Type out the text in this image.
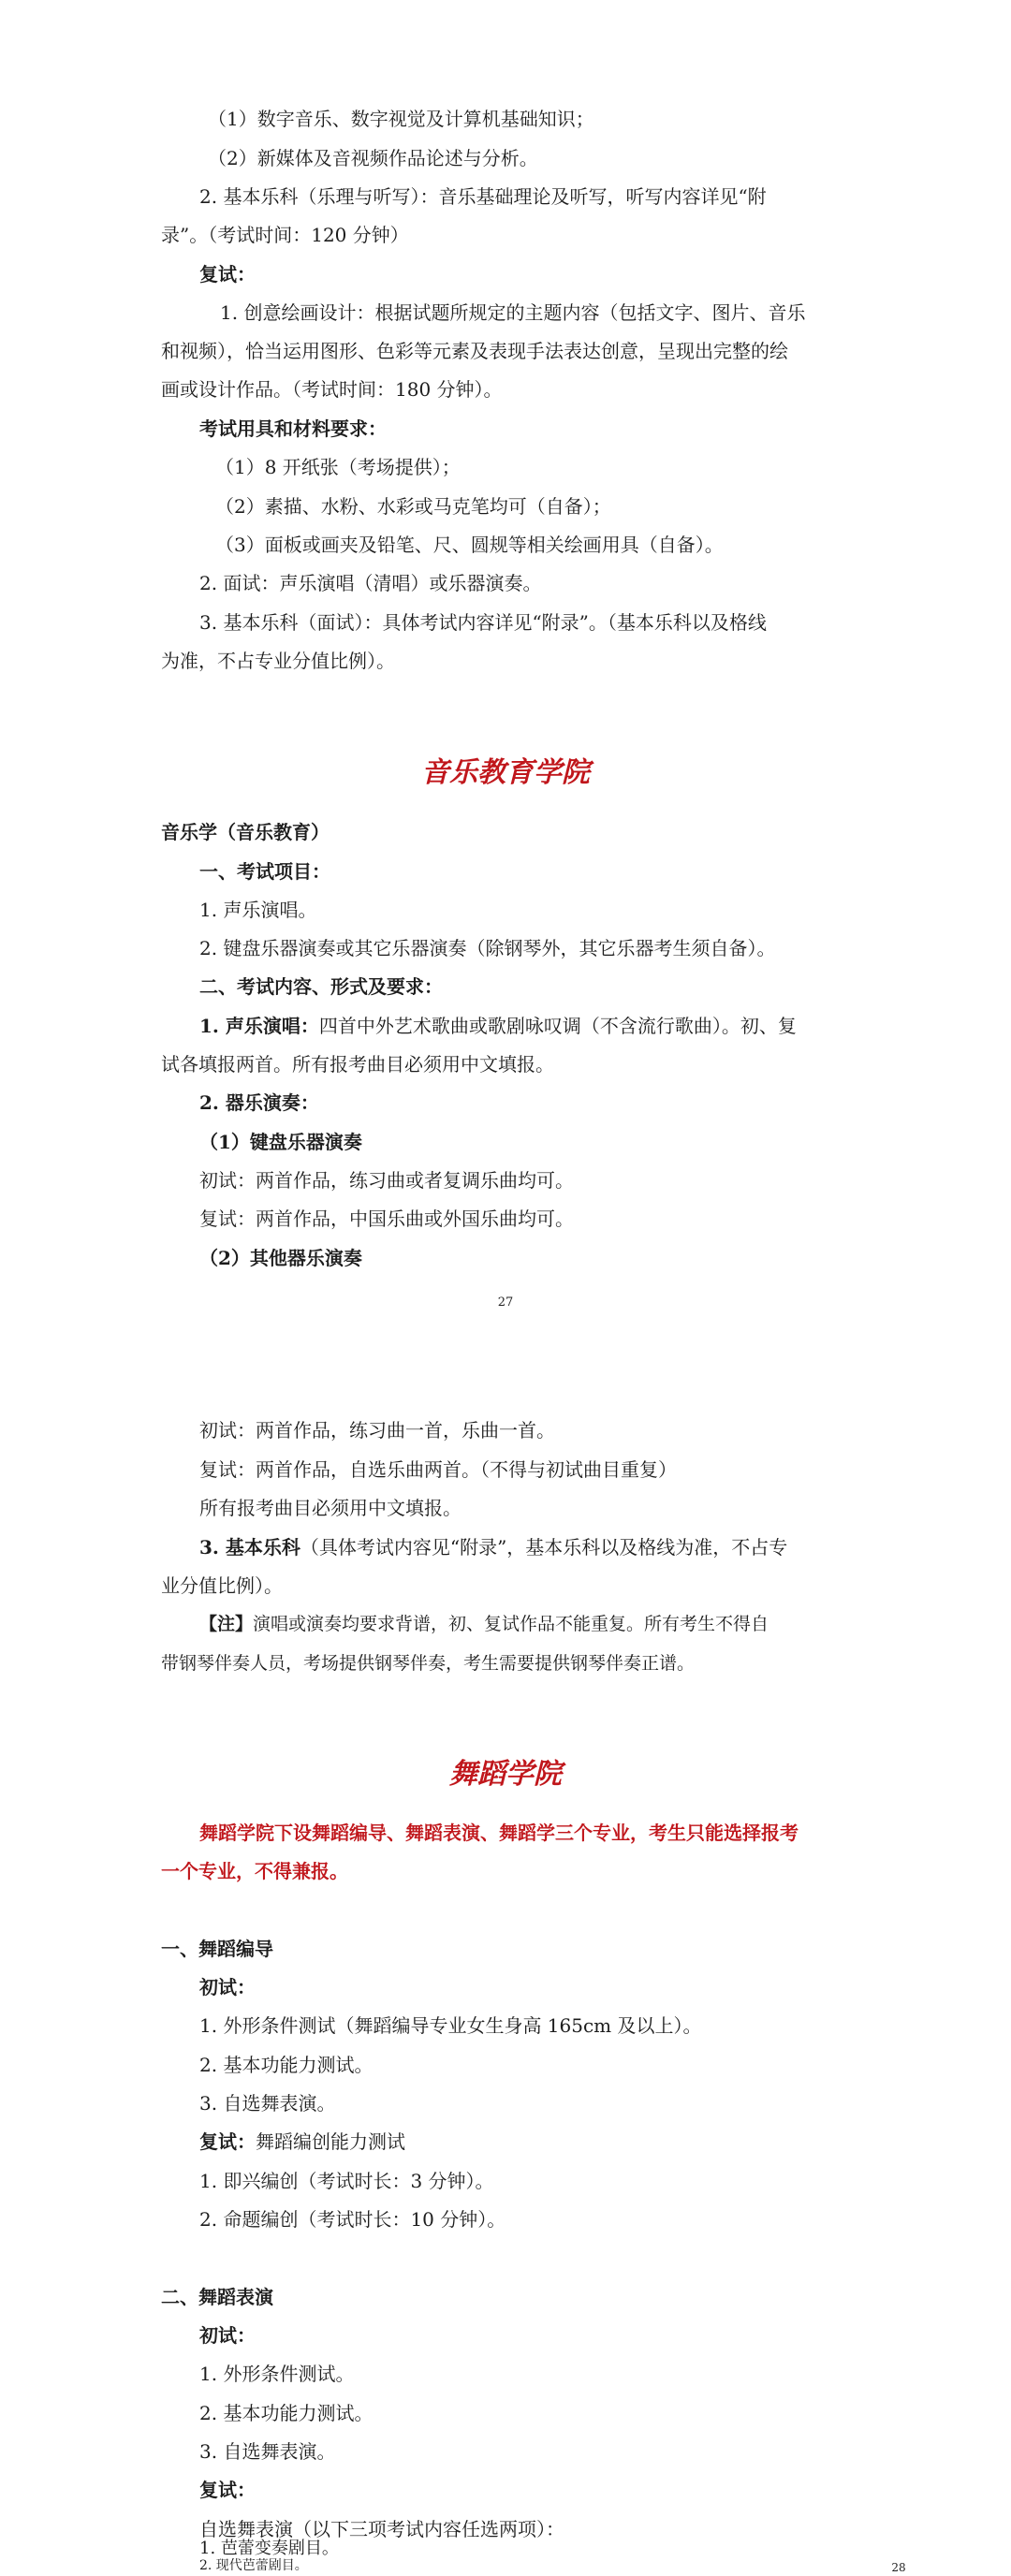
（1）数字音乐、数字视觉及计算机基础知识；
（2）新媒体及音视频作品论述与分析。
2. 基本乐科（乐理与听写）：音乐基础理论及听写，听写内容详见“附
录”。（考试时间：120 分钟）
复试：
1. 创意绘画设计：根据试题所规定的主题内容（包括文字、图片、音乐
和视频），恰当运用图形、色彩等元素及表现手法表达创意，呈现出完整的绘
画或设计作品。（考试时间：180 分钟）。
考试用具和材料要求：
（1）8 开纸张（考场提供）；
（2）素描、水粉、水彩或马克笔均可（自备）；
（3）面板或画夹及铅笔、尺、圆规等相关绘画用具（自备）。
2. 面试：声乐演唱（清唱）或乐器演奏。
3. 基本乐科（面试）：具体考试内容详见“附录”。（基本乐科以及格线
为准，不占专业分值比例）。
音乐教育学院
音乐学（音乐教育）
一、考试项目：
1. 声乐演唱。
2. 键盘乐器演奏或其它乐器演奏（除钢琴外，其它乐器考生须自备）。
二、考试内容、形式及要求：
1. 声乐演唱：四首中外艺术歌曲或歌剧咏叹调（不含流行歌曲）。初、复
试各填报两首。所有报考曲目必须用中文填报。
2. 器乐演奏：
（1）键盘乐器演奏
初试：两首作品，练习曲或者复调乐曲均可。
复试：两首作品，中国乐曲或外国乐曲均可。
（2）其他器乐演奏
27
初试：两首作品，练习曲一首，乐曲一首。
复试：两首作品，自选乐曲两首。（不得与初试曲目重复）
所有报考曲目必须用中文填报。
3. 基本乐科（具体考试内容见“附录”，基本乐科以及格线为准，不占专
业分值比例）。
【注】演唱或演奏均要求背谱，初、复试作品不能重复。所有考生不得自
带钢琴伴奏人员，考场提供钢琴伴奏，考生需要提供钢琴伴奏正谱。
舞蹈学院
舞蹈学院下设舞蹈编导、舞蹈表演、舞蹈学三个专业，考生只能选择报考
一个专业，不得兼报。
一、舞蹈编导
初试：
1. 外形条件测试（舞蹈编导专业女生身高 165cm 及以上）。
2. 基本功能力测试。
3. 自选舞表演。
复试：舞蹈编创能力测试
1. 即兴编创（考试时长：3 分钟）。
2. 命题编创（考试时长：10 分钟）。
二、舞蹈表演
初试：
1. 外形条件测试。
2. 基本功能力测试。
3. 自选舞表演。
复试：
自选舞表演（以下三项考试内容任选两项）：
1. 芭蕾变奏剧目。
2. 现代芭蕾剧目。	28
